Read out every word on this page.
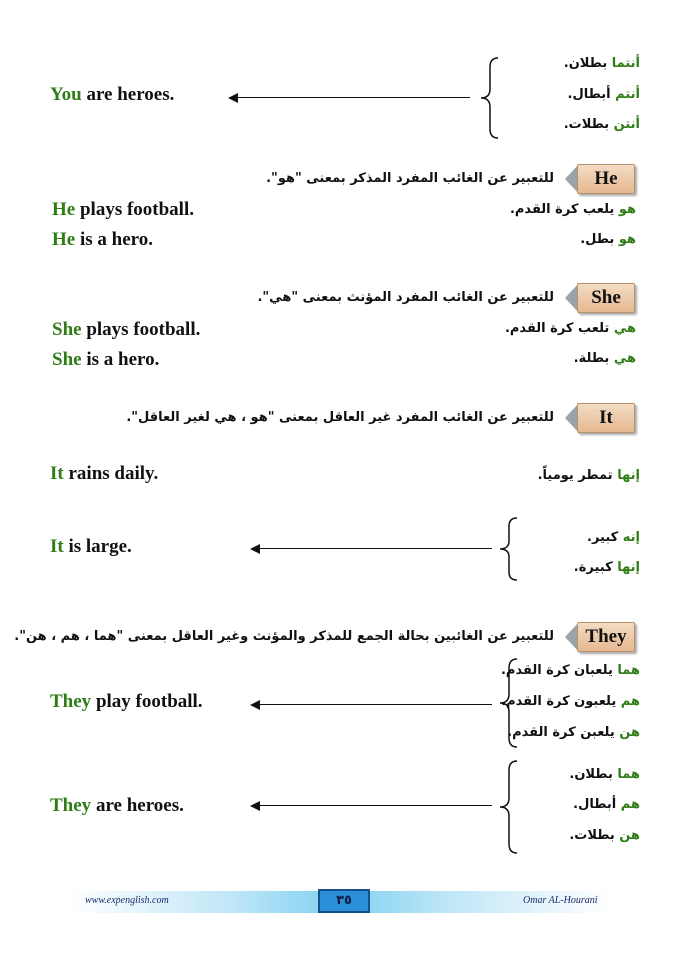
You are heroes.
أنتما بطلان.
أنتم أبطال.
أنتن بطلات.
He
للتعبير عن الغائب المفرد المذكر بمعنى "هو".
He plays football.	هو يلعب كرة القدم.
He is a hero.	هو بطل.
She
للتعبير عن الغائب المفرد المؤنث بمعنى "هي".
She plays football.	هي تلعب كرة القدم.
She is a hero.	هي بطلة.
It
للتعبير عن الغائب المفرد غير العاقل بمعنى "هو ، هي لغير العاقل".
It rains daily.	إنها تمطر يومياً.
It is large.	إنه كبير.
إنها كبيرة.
They
للتعبير عن الغائبين بحالة الجمع للمذكر والمؤنث وغير العاقل بمعنى "هما ، هم ، هن".
They play football.
هما يلعبان كرة القدم.
هم يلعبون كرة القدم.
هن يلعبن كرة القدم.
They are heroes.
هما بطلان.
هم أبطال.
هن بطلات.
www.expenglish.com	٣٥	Omar AL-Hourani
